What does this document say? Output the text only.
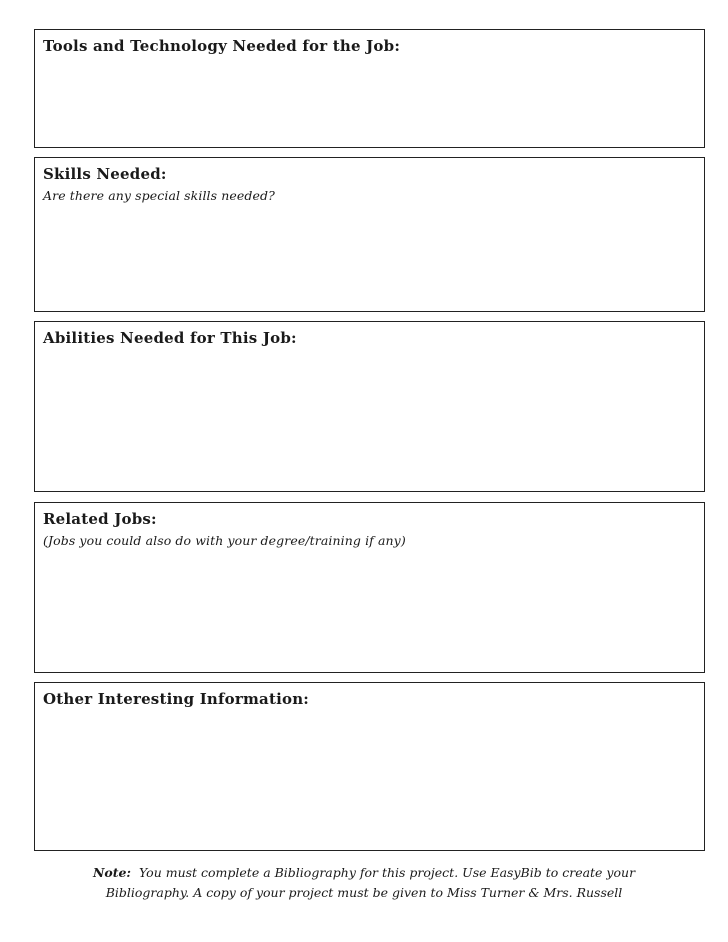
Tools and Technology Needed for the Job:
Skills Needed:
Are there any special skills needed?
Abilities Needed for This Job:
Related Jobs:
(Jobs you could also do with your degree/training if any)
Other Interesting Information:
Note: You must complete a Bibliography for this project. Use EasyBib to create your
Bibliography. A copy of your project must be given to Miss Turner & Mrs. Russell
